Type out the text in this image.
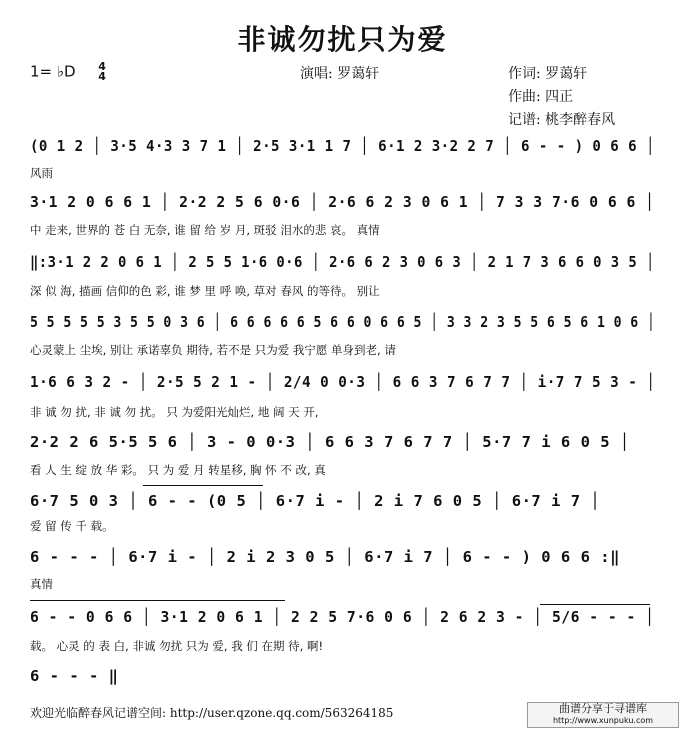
非诚勿扰只为爱
1= ♭D 4
4	演唱: 罗蔼轩	作词: 罗蔼轩
作曲: 四正
记谱: 桃李醉春风
(0 1 2 │ 3·5 4·3 3 7 1 │ 2·5 3·1 1 7 │ 6·1 2 3·2 2 7 │ 6 - - ) 0 6 6 │
风雨
3·1 2 0 6 6 1 │ 2·2 2 5 6 0·6 │ 2·6 6 2 3 0 6 1 │ 7 3 3 7·6 0 6 6 │
中 走来, 世界的 苍 白 无奈, 谁 留 给 岁 月, 斑驳 泪水的悲 哀。 真情
‖:3·1 2 2 0 6 1 │ 2 5 5 1·6 0·6 │ 2·6 6 2 3 0 6 3 │ 2 1 7 3 6 6 0 3 5 │
深 似 海, 描画 信仰的色 彩, 谁 梦 里 呼 唤, 草对 春风 的等待。 别让
5 5 5 5 5 3 5 5 0 3 6 │ 6 6 6 6 6 5 6 6 0 6 6 5 │ 3 3 2 3 5 5 6 5 6 1 0 6 │
心灵蒙上 尘埃, 别让 承诺辜负 期待, 若不是 只为爱 我宁愿 单身到老, 请
1·6 6 3 2 - │ 2·5 5 2 1 - │ 2/4 0 0·3 │ 6 6 3 7 6 7 7 │ i·7 7 5 3 - │
非 诚 勿 扰, 非 诚 勿 扰。 只 为爱阳光灿烂, 地 阔 天 开,
2·2 2 6 5·5 5 6 │ 3 - 0 0·3 │ 6 6 3 7 6 7 7 │ 5·7 7 i 6 0 5 │
看 人 生 绽 放 华 彩。 只 为 爱 月 转星移, 胸 怀 不 改, 真
6·7 5 0 3 │ 6 - - (0 5 │ 6·7 i - │ 2 i 7 6 0 5 │ 6·7 i 7 │
爱 留 传 千 载。
6 - - - │ 6·7 i - │ 2 i 2 3 0 5 │ 6·7 i 7 │ 6 - - ) 0 6 6 :‖
真情
6 - - 0 6 6 │ 3·1 2 0 6 1 │ 2 2 5 7·6 0 6 │ 2 6 2 3 - │ 5/6 - - - │
载。 心灵 的 表 白, 非诚 勿扰 只为 爱, 我 们 在期 待, 啊!
6 - - - ‖
欢迎光临醉春风记谱空间: http://user.qzone.qq.com/563264185	曲谱分享于寻谱库
http://www.xunpuku.com
